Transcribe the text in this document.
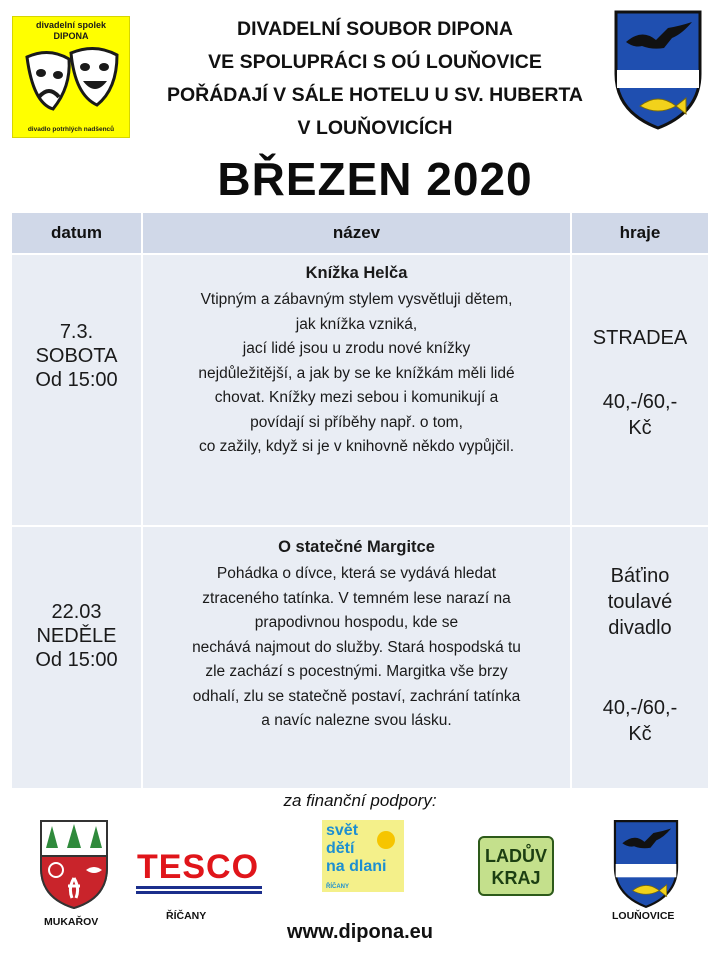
divadelní spolek
DIPONA
divadlo potrhlých nadšenců
DIVADELNÍ SOUBOR DIPONA
VE SPOLUPRÁCI S OÚ LOUŇOVICE
POŘÁDAJÍ V SÁLE HOTELU U SV. HUBERTA
V LOUŇOVICÍCH
BŘEZEN 2020
datum	název	hraje
7.3.
SOBOTA
Od 15:00
Knížka Helča
Vtipným a zábavným stylem vysvětluji dětem,
jak knížka vzniká,
jací lidé jsou u zrodu nové knížky
nejdůležitější, a jak by se ke knížkám měli lidé
chovat. Knížky mezi sebou i komunikují a
povídají si příběhy např. o tom,
co zažily, když si je v knihovně někdo vypůjčil.
STRADEA
40,-/60,-
Kč
22.03
NEDĚLE
Od 15:00
O statečné Margitce
Pohádka o dívce, která se vydává hledat
ztraceného tatínka. V temném lese narazí na
prapodivnou hospodu, kde se
nechává najmout do služby. Stará hospodská tu
zle zachází s pocestnými. Margitka vše brzy
odhalí, zlu se statečně postaví, zachrání tatínka
a navíc nalezne svou lásku.
Báťino
toulavé
divadlo
40,-/60,-
Kč
za finanční podpory:
MUKAŘOV
TESCO
ŘÍČANY
svět
dětí
na dlani
ŘÍČANY
LADŮV
KRAJ
LOUŇOVICE
www.dipona.eu
